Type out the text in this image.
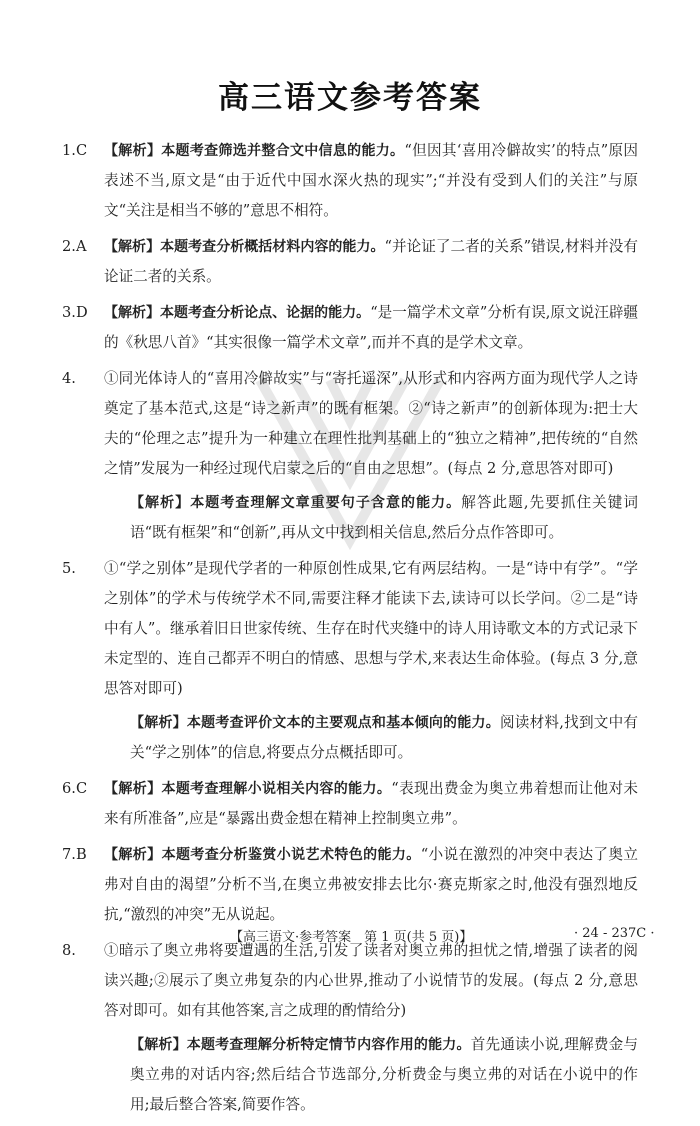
高三语文参考答案
1.C 【解析】本题考查筛选并整合文中信息的能力。“但因其‘喜用冷僻故实’的特点”原因表述不当,原文是“由于近代中国水深火热的现实”;“并没有受到人们的关注”与原文“关注是相当不够的”意思不相符。

2.A 【解析】本题考查分析概括材料内容的能力。“并论证了二者的关系”错误,材料并没有论证二者的关系。

3.D 【解析】本题考查分析论点、论据的能力。“是一篇学术文章”分析有误,原文说汪辟疆的《秋思八首》“其实很像一篇学术文章”,而并不真的是学术文章。

4. ①同光体诗人的“喜用冷僻故实”与“寄托遥深”,从形式和内容两方面为现代学人之诗奠定了基本范式,这是“诗之新声”的既有框架。②“诗之新声”的创新体现为:把士大夫的“伦理之志”提升为一种建立在理性批判基础上的“独立之精神”,把传统的“自然之情”发展为一种经过现代启蒙之后的“自由之思想”。(每点 2 分,意思答对即可)

【解析】本题考查理解文章重要句子含意的能力。解答此题,先要抓住关键词语“既有框架”和“创新”,再从文中找到相关信息,然后分点作答即可。

5. ①“学之别体”是现代学者的一种原创性成果,它有两层结构。一是“诗中有学”。“学之别体”的学术与传统学术不同,需要注释才能读下去,读诗可以长学问。②二是“诗中有人”。继承着旧日世家传统、生存在时代夹缝中的诗人用诗歌文本的方式记录下未定型的、连自己都弄不明白的情感、思想与学术,来表达生命体验。(每点 3 分,意思答对即可)

【解析】本题考查评价文本的主要观点和基本倾向的能力。阅读材料,找到文中有关“学之别体”的信息,将要点分点概括即可。

6.C 【解析】本题考查理解小说相关内容的能力。“表现出费金为奥立弗着想而让他对未来有所准备”,应是“暴露出费金想在精神上控制奥立弗”。

7.B 【解析】本题考查分析鉴赏小说艺术特色的能力。“小说在激烈的冲突中表达了奥立弗对自由的渴望”分析不当,在奥立弗被安排去比尔·赛克斯家之时,他没有强烈地反抗,“激烈的冲突”无从说起。

8. ①暗示了奥立弗将要遭遇的生活,引发了读者对奥立弗的担忧之情,增强了读者的阅读兴趣;②展示了奥立弗复杂的内心世界,推动了小说情节的发展。(每点 2 分,意思答对即可。如有其他答案,言之成理的酌情给分)

【解析】本题考查理解分析特定情节内容作用的能力。首先通读小说,理解费金与奥立弗的对话内容;然后结合节选部分,分析费金与奥立弗的对话在小说中的作用;最后整合答案,简要作答。

【高三语文·参考答案　第 1 页(共 5 页)】	· 24 - 237C ·
